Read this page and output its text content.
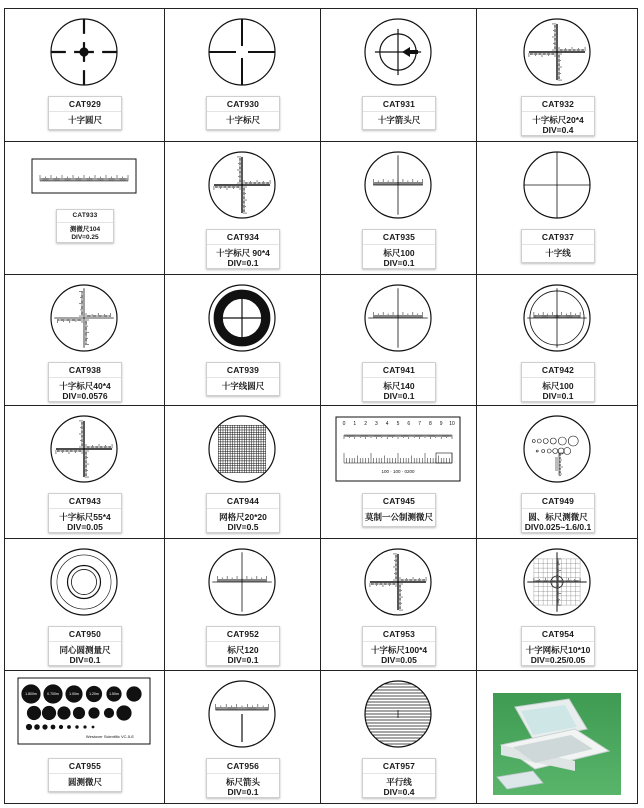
CAT929
十字圆尺
CAT930
十字标尺
CAT931
十字箭头尺
CAT932
十字标尺20*4
DIV=0.4
CAT933
测微尺104
DIV=0.25	CAT934
十字标尺 90*4
DIV=0.1
CAT935
标尺100
DIV=0.1
CAT937
十字线
CAT938
十字标尺40*4
DIV=0.0576
CAT939
十字线圆尺
CAT941
标尺140
DIV=0.1
CAT942
标尺100
DIV=0.1
CAT943
十字标尺55*4
DIV=0.05
CAT944
网格尺20*20
DIV=0.5
0 1 2 3 4 5 6 7 8 9 10
100 · 100 · 0200
CAT945
莫制一公制测微尺
CAT949
圆、标尺测微尺
DIV0.025~1.6/0.1
CAT950
同心圆测量尺
DIV=0.1
CAT952
标尺120
DIV=0.1
CAT953
十字标尺100*4
DIV=0.05
CAT954
十字网标尺10*10
DIV=0.25/0.05
1.800m	0.700m	1.00m	1.20m	1.50m
Westover Scientific VC-5-E
CAT955
圆测微尺
CAT956
标尺箭头
DIV=0.1
CAT957
平行线
DIV=0.4
